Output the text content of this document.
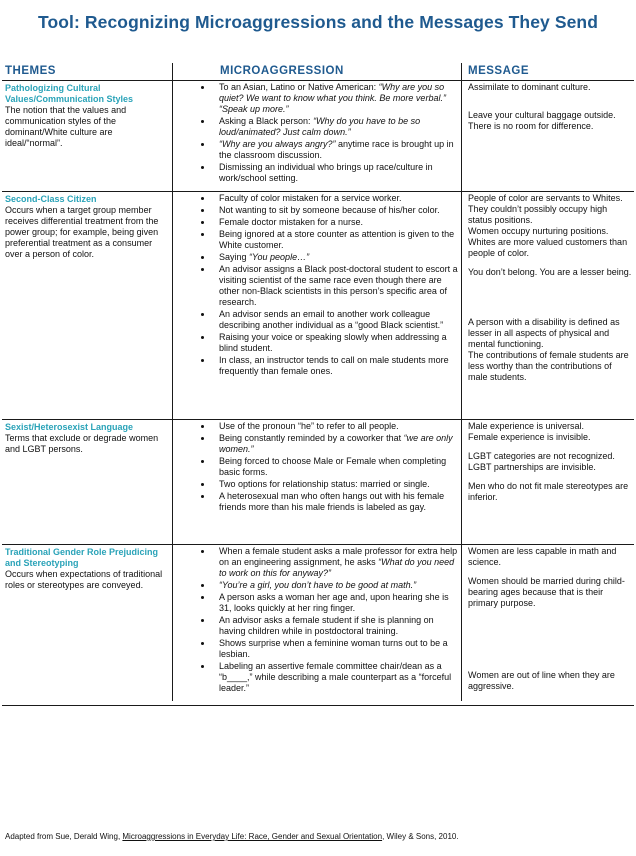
Tool: Recognizing Microaggressions and the Messages They Send
THEMES	MICROAGGRESSION	MESSAGE
Pathologizing Cultural Values/Communication Styles
The notion that the values and communication styles of the dominant/White culture are ideal/“normal”.
To an Asian, Latino or Native American: “Why are you so quiet? We want to know what you think. Be more verbal.” “Speak up more.”
Asking a Black person: “Why do you have to be so loud/animated? Just calm down.”
“Why are you always angry?” anytime race is brought up in the classroom discussion.
Dismissing an individual who brings up race/culture in work/school setting.

Assimilate to dominant culture.

Leave your cultural baggage outside.

There is no room for difference.

Second-Class Citizen
Occurs when a target group member receives differential treatment from the power group; for example, being given preferential treatment as a consumer over a person of color.
Faculty of color mistaken for a service worker.
Not wanting to sit by someone because of his/her color.
Female doctor mistaken for a nurse.
Being ignored at a store counter as attention is given to the White customer.
Saying “You people…”
An advisor assigns a Black post-doctoral student to escort a visiting scientist of the same race even though there are other non-Black scientists in this person’s specific area of research.
An advisor sends an email to another work colleague describing another individual as a “good Black scientist.”
Raising your voice or speaking slowly when addressing a blind student.
In class, an instructor tends to call on male students more frequently than female ones.

People of color are servants to Whites. They couldn’t possibly occupy high status positions.

Women occupy nurturing positions.

Whites are more valued customers than people of color.

You don’t belong. You are a lesser being.

A person with a disability is defined as lesser in all aspects of physical and mental functioning.

The contributions of female students are less worthy than the contributions of male students.

Sexist/Heterosexist Language
Terms that exclude or degrade women and LGBT persons.
Use of the pronoun “he” to refer to all people.
Being constantly reminded by a coworker that “we are only women.”
Being forced to choose Male or Female when completing basic forms.
Two options for relationship status: married or single.
A heterosexual man who often hangs out with his female friends more than his male friends is labeled as gay.

Male experience is universal.

Female experience is invisible.

LGBT categories are not recognized.

LGBT partnerships are invisible.

Men who do not fit male stereotypes are inferior.

Traditional Gender Role Prejudicing and Stereotyping
Occurs when expectations of traditional roles or stereotypes are conveyed.
When a female student asks a male professor for extra help on an engineering assignment, he asks “What do you need to work on this for anyway?”
“You’re a girl, you don’t have to be good at math.”
A person asks a woman her age and, upon hearing she is 31, looks quickly at her ring finger.
An advisor asks a female student if she is planning on having children while in postdoctoral training.
Shows surprise when a feminine woman turns out to be a lesbian.
Labeling an assertive female committee chair/dean as a “b____,” while describing a male counterpart as a “forceful leader.”

Women are less capable in math and science.

Women should be married during child-bearing ages because that is their primary purpose.

Women are out of line when they are aggressive.

Adapted from Sue, Derald Wing, Microaggressions in Everyday Life: Race, Gender and Sexual Orientation, Wiley & Sons, 2010.
